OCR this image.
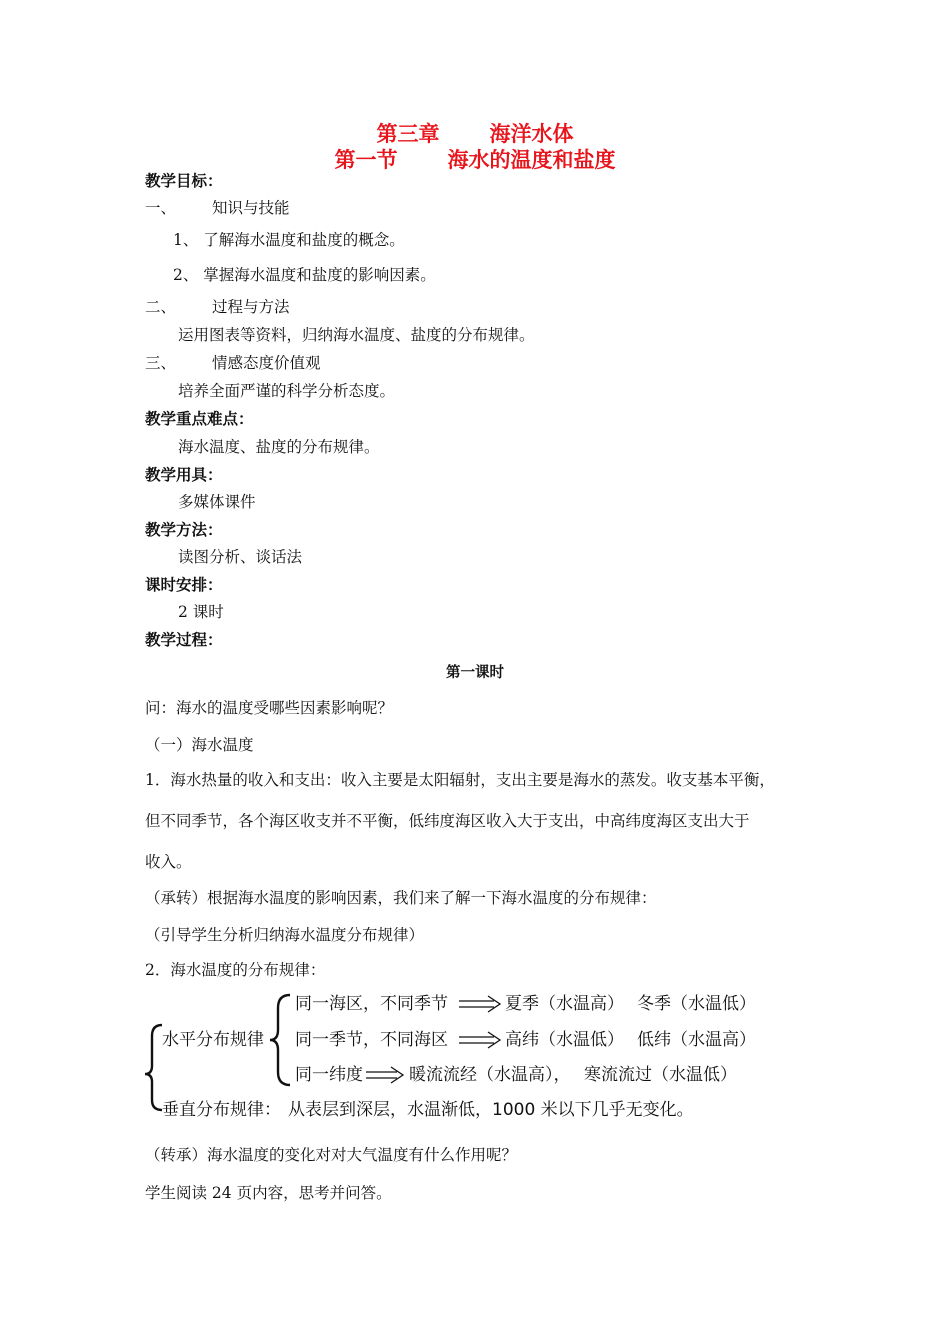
第三章 海洋水体
第一节 海水的温度和盐度
教学目标：
一、 知识与技能
1、 了解海水温度和盐度的概念。
2、 掌握海水温度和盐度的影响因素。
二、 过程与方法
运用图表等资料，归纳海水温度、盐度的分布规律。
三、 情感态度价值观
培养全面严谨的科学分析态度。
教学重点难点：
海水温度、盐度的分布规律。
教学用具：
多媒体课件
教学方法：
读图分析、谈话法
课时安排：
2 课时
教学过程：
第一课时
问：海水的温度受哪些因素影响呢？
（一）海水温度
1．海水热量的收入和支出：收入主要是太阳辐射，支出主要是海水的蒸发。收支基本平衡，
但不同季节，各个海区收支并不平衡，低纬度海区收入大于支出，中高纬度海区支出大于
收入。
（承转）根据海水温度的影响因素，我们来了解一下海水温度的分布规律：
（引导学生分析归纳海水温度分布规律）
2．海水温度的分布规律：
水平分布规律
同一海区，不同季节	夏季（水温高） 冬季（水温低）
同一季节，不同海区	高纬（水温低） 低纬（水温高）
同一纬度	暖流流经（水温高）， 寒流流过（水温低）
垂直分布规律： 从表层到深层，水温渐低，1000 米以下几乎无变化。
（转承）海水温度的变化对对大气温度有什么作用呢？
学生阅读 24 页内容，思考并问答。
